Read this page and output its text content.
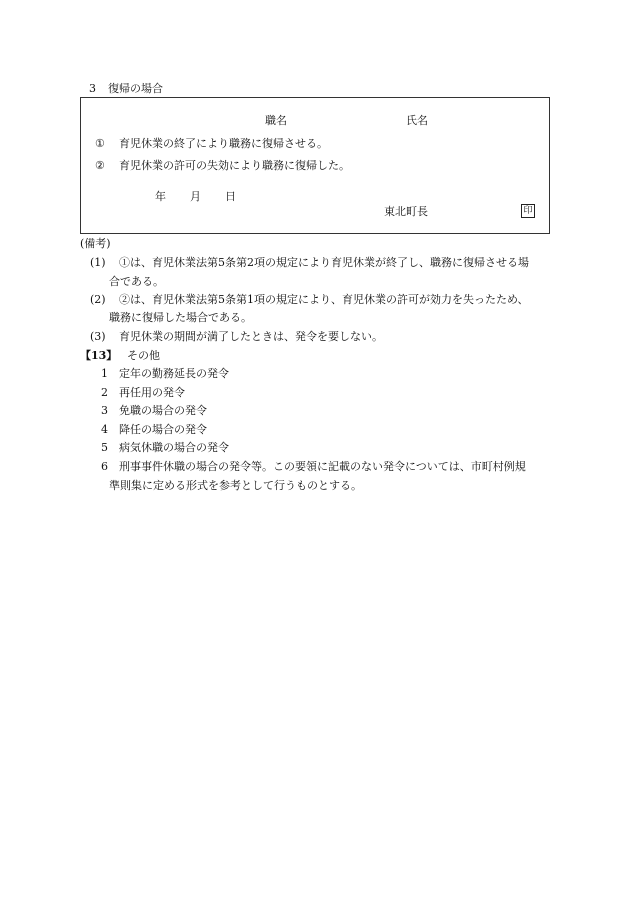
3 復帰の場合
職名	氏名
① 育児休業の終了により職務に復帰させる。
② 育児休業の許可の失効により職務に復帰した。
年 月 日
東北町長	印
(備考)
(1) ①は、育児休業法第5条第2項の規定により育児休業が終了し、職務に復帰させる場
合である。
(2) ②は、育児休業法第5条第1項の規定により、育児休業の許可が効力を失ったため、
職務に復帰した場合である。
(3) 育児休業の期間が満了したときは、発令を要しない。
【13】 その他
1 定年の勤務延長の発令
2 再任用の発令
3 免職の場合の発令
4 降任の場合の発令
5 病気休職の場合の発令
6 刑事事件休職の場合の発令等。この要領に記載のない発令については、市町村例規
準則集に定める形式を参考として行うものとする。
